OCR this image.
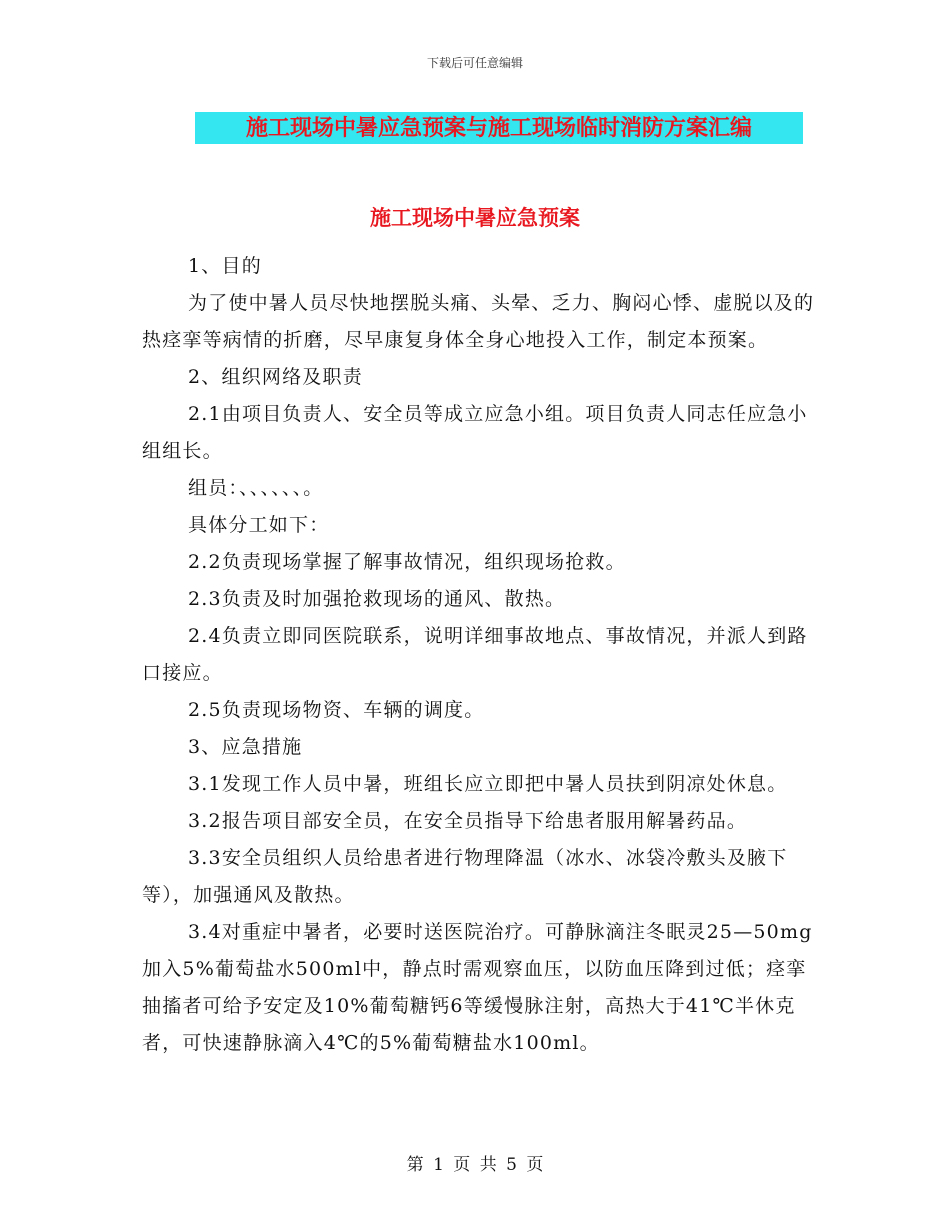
下载后可任意编辑
施工现场中暑应急预案与施工现场临时消防方案汇编
施工现场中暑应急预案

1、目的

为了使中暑人员尽快地摆脱头痛、头晕、乏力、胸闷心悸、虚脱以及的热痉挛等病情的折磨，尽早康复身体全身心地投入工作，制定本预案。

2、组织网络及职责

2.1由项目负责人、安全员等成立应急小组。项目负责人同志任应急小组组长。

组员：、、、、、、。

具体分工如下：

2.2负责现场掌握了解事故情况，组织现场抢救。

2.3负责及时加强抢救现场的通风、散热。

2.4负责立即同医院联系，说明详细事故地点、事故情况，并派人到路口接应。

2.5负责现场物资、车辆的调度。

3、应急措施

3.1发现工作人员中暑，班组长应立即把中暑人员扶到阴凉处休息。

3.2报告项目部安全员，在安全员指导下给患者服用解暑药品。

3.3安全员组织人员给患者进行物理降温（冰水、冰袋冷敷头及腋下等），加强通风及散热。

3.4对重症中暑者，必要时送医院治疗。可静脉滴注冬眠灵25—50mg加入5%葡萄盐水500ml中，静点时需观察血压，以防血压降到过低；痉挛抽搐者可给予安定及10%葡萄糖钙6等缓慢脉注射，高热大于41℃半休克者，可快速静脉滴入4℃的5%葡萄糖盐水100ml。

第 1 页 共 5 页
